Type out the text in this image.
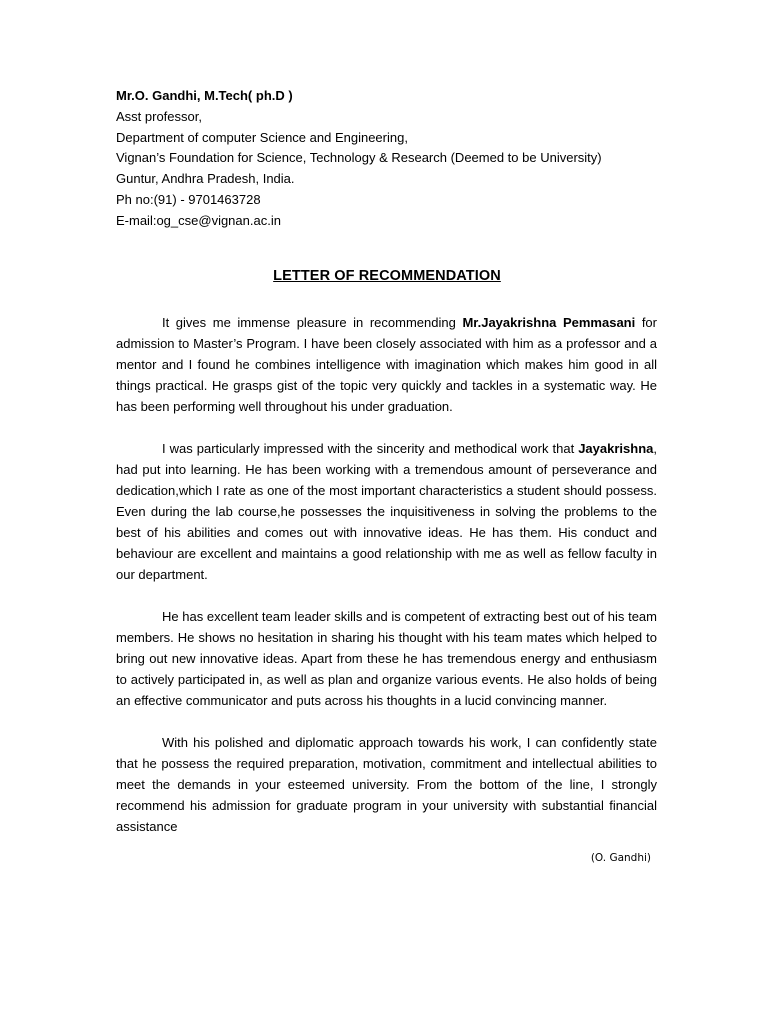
Mr.O. Gandhi, M.Tech( ph.D )
Asst professor,
Department of computer Science and Engineering,
Vignan’s Foundation for Science, Technology & Research (Deemed to be University)
Guntur, Andhra Pradesh, India.
Ph no:(91) - 9701463728
E-mail:og_cse@vignan.ac.in
LETTER OF RECOMMENDATION

It gives me immense pleasure in recommending Mr.Jayakrishna Pemmasani for admission to Master’s Program. I have been closely associated with him as a professor and a mentor and I found he combines intelligence with imagination which makes him good in all things practical. He grasps gist of the topic very quickly and tackles in a systematic way. He has been performing well throughout his under graduation.

I was particularly impressed with the sincerity and methodical work that Jayakrishna, had put into learning. He has been working with a tremendous amount of perseverance and dedication,which I rate as one of the most important characteristics a student should possess. Even during the lab course,he possesses the inquisitiveness in solving the problems to the best of his abilities and comes out with innovative ideas. He has them. His conduct and behaviour are excellent and maintains a good relationship with me as well as fellow faculty in our department.

He has excellent team leader skills and is competent of extracting best out of his team members. He shows no hesitation in sharing his thought with his team mates which helped to bring out new innovative ideas. Apart from these he has tremendous energy and enthusiasm to actively participated in, as well as plan and organize various events. He also holds of being an effective communicator and puts across his thoughts in a lucid convincing manner.

With his polished and diplomatic approach towards his work, I can confidently state that he possess the required preparation, motivation, commitment and intellectual abilities to meet the demands in your esteemed university. From the bottom of the line, I strongly recommend his admission for graduate program in your university with substantial financial assistance

(O. Gandhi)
